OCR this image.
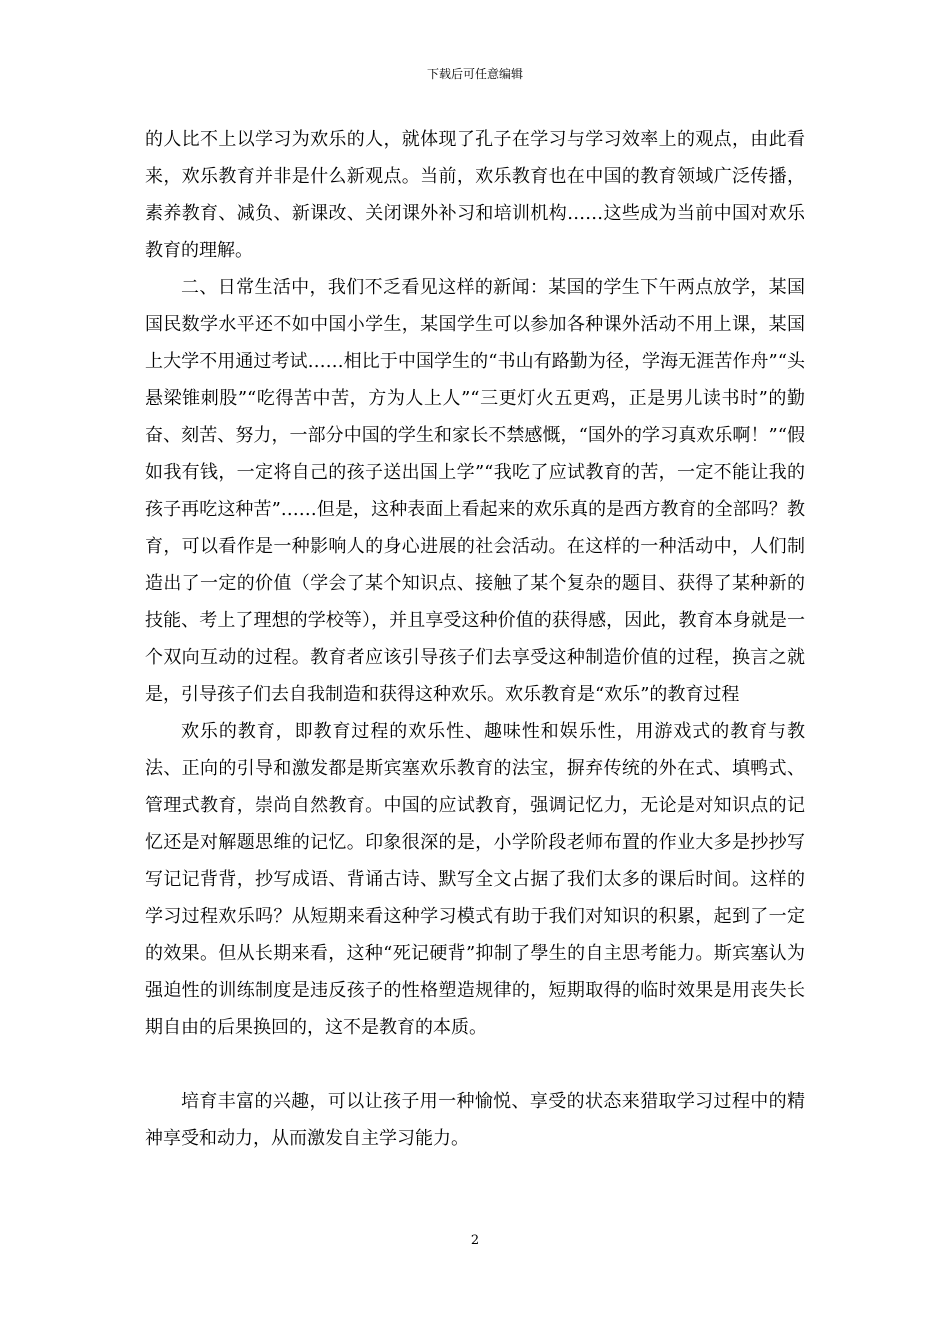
下载后可任意编辑

的人比不上以学习为欢乐的人，就体现了孔子在学习与学习效率上的观点，由此看来，欢乐教育并非是什么新观点。当前，欢乐教育也在中国的教育领域广泛传播，素养教育、减负、新课改、关闭课外补习和培训机构……这些成为当前中国对欢乐教育的理解。

二、日常生活中，我们不乏看见这样的新闻：某国的学生下午两点放学，某国国民数学水平还不如中国小学生，某国学生可以参加各种课外活动不用上课，某国上大学不用通过考试……相比于中国学生的“书山有路勤为径，学海无涯苦作舟”“头悬梁锥刺股”“吃得苦中苦，方为人上人”“三更灯火五更鸡，正是男儿读书时”的勤奋、刻苦、努力，一部分中国的学生和家长不禁感慨，“国外的学习真欢乐啊！”“假如我有钱，一定将自己的孩子送出国上学”“我吃了应试教育的苦，一定不能让我的孩子再吃这种苦”……但是，这种表面上看起来的欢乐真的是西方教育的全部吗？教育，可以看作是一种影响人的身心进展的社会活动。在这样的一种活动中，人们制造出了一定的价值（学会了某个知识点、接触了某个复杂的题目、获得了某种新的技能、考上了理想的学校等），并且享受这种价值的获得感，因此，教育本身就是一个双向互动的过程。教育者应该引导孩子们去享受这种制造价值的过程，换言之就是，引导孩子们去自我制造和获得这种欢乐。欢乐教育是“欢乐”的教育过程

欢乐的教育，即教育过程的欢乐性、趣味性和娱乐性，用游戏式的教育与教法、正向的引导和激发都是斯宾塞欢乐教育的法宝，摒弃传统的外在式、填鸭式、管理式教育，崇尚自然教育。中国的应试教育，强调记忆力，无论是对知识点的记忆还是对解题思维的记忆。印象很深的是，小学阶段老师布置的作业大多是抄抄写写记记背背，抄写成语、背诵古诗、默写全文占据了我们太多的课后时间。这样的学习过程欢乐吗？从短期来看这种学习模式有助于我们对知识的积累，起到了一定的效果。但从长期来看，这种“死记硬背”抑制了學生的自主思考能力。斯宾塞认为强迫性的训练制度是违反孩子的性格塑造规律的，短期取得的临时效果是用丧失长期自由的后果换回的，这不是教育的本质。

培育丰富的兴趣，可以让孩子用一种愉悦、享受的状态来猎取学习过程中的精神享受和动力，从而激发自主学习能力。

2
